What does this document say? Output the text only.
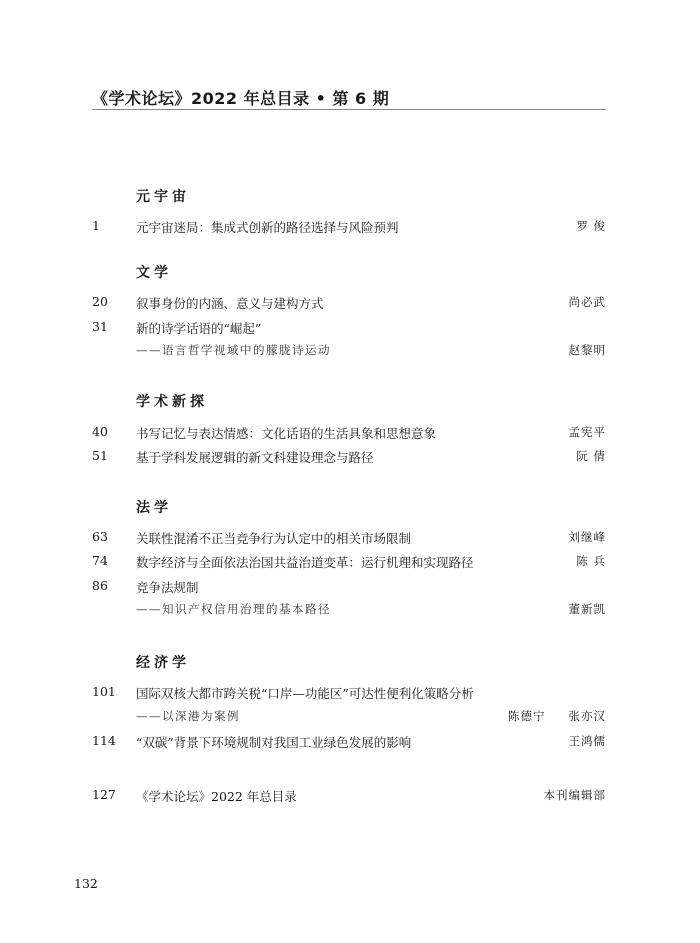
《学术论坛》2022 年总目录 • 第 6 期
元宇宙
1	元宇宙迷局：集成式创新的路径选择与风险预判	罗 俊
文学
20 叙事身份的内涵、意义与建构方式	尚必武
31 新的诗学话语的“崛起”
——语言哲学视域中的朦胧诗运动	赵黎明
学术新探
40 书写记忆与表达情感：文化话语的生活具象和思想意象	孟宪平
51 基于学科发展逻辑的新文科建设理念与路径	阮 倩
法学
63 关联性混淆不正当竞争行为认定中的相关市场限制	刘继峰
74 数字经济与全面依法治国共益治道变革：运行机理和实现路径	陈 兵
86 竞争法规制
——知识产权信用治理的基本路径	董新凯
经济学
101 国际双核大都市跨关税“口岸—功能区”可达性便利化策略分析
——以深港为案例	陈德宁 张亦汉
114 “双碳”背景下环境规制对我国工业绿色发展的影响	王鸿儒
127 《学术论坛》2022 年总目录	本刊编辑部
132
